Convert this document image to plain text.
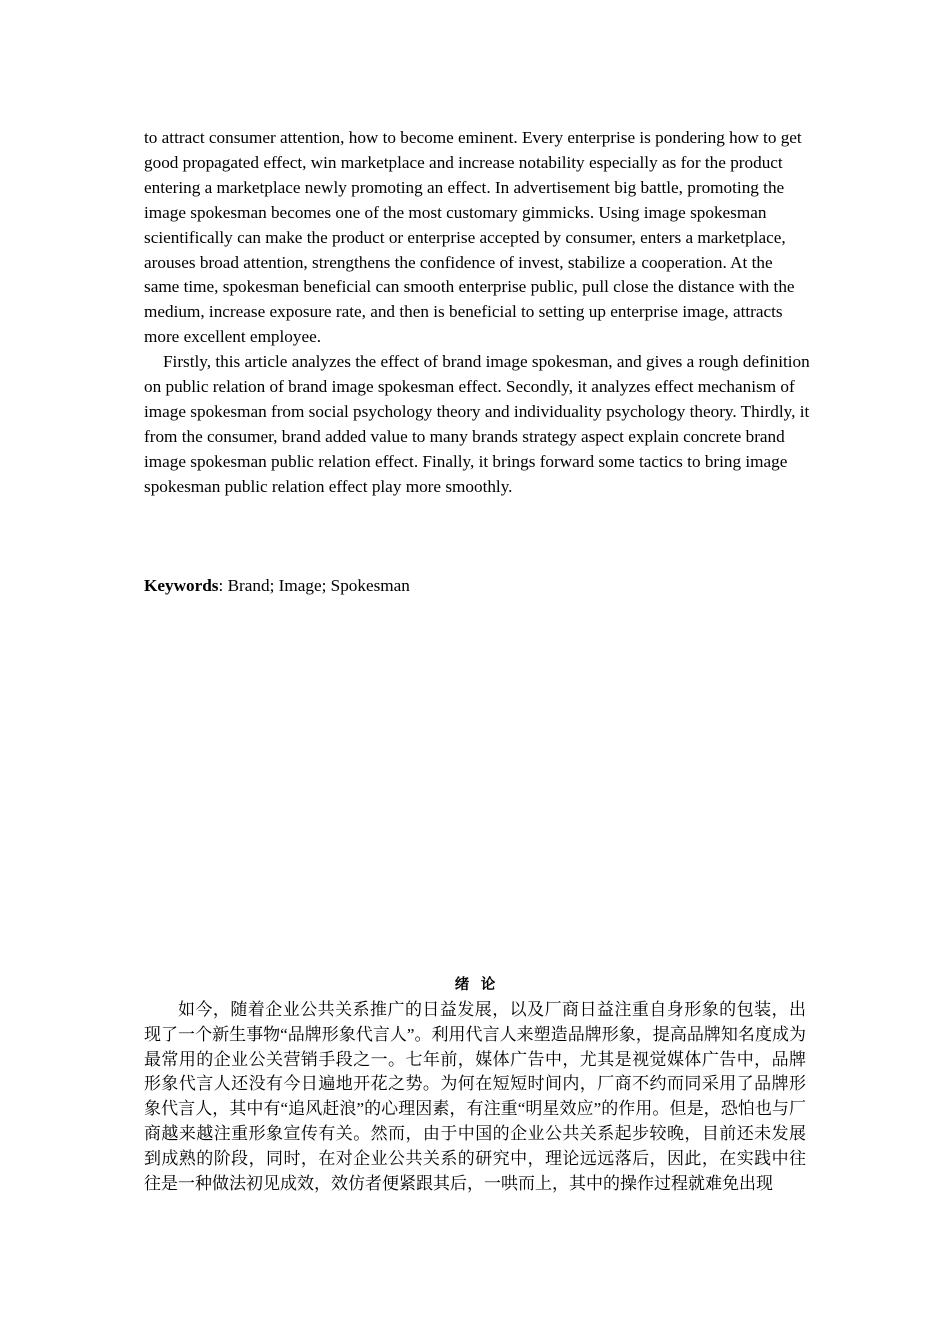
to attract consumer attention, how to become eminent. Every enterprise is pondering how to get good propagated effect, win marketplace and increase notability especially as for the product entering a marketplace newly promoting an effect. In advertisement big battle, promoting the image spokesman becomes one of the most customary gimmicks. Using image spokesman scientifically can make the product or enterprise accepted by consumer, enters a marketplace, arouses broad attention, strengthens the confidence of invest, stabilize a cooperation. At the same time, spokesman beneficial can smooth enterprise public, pull close the distance with the medium, increase exposure rate, and then is beneficial to setting up enterprise image, attracts more excellent employee.

Firstly, this article analyzes the effect of brand image spokesman, and gives a rough definition on public relation of brand image spokesman effect. Secondly, it analyzes effect mechanism of image spokesman from social psychology theory and individuality psychology theory. Thirdly, it from the consumer, brand added value to many brands strategy aspect explain concrete brand image spokesman public relation effect. Finally, it brings forward some tactics to bring image spokesman public relation effect play more smoothly.

Keywords: Brand; Image; Spokesman

绪 论

如今，随着企业公共关系推广的日益发展，以及厂商日益注重自身形象的包装，出现了一个新生事物“品牌形象代言人”。利用代言人来塑造品牌形象，提高品牌知名度成为最常用的企业公关营销手段之一。七年前，媒体广告中，尤其是视觉媒体广告中，品牌形象代言人还没有今日遍地开花之势。为何在短短时间内，厂商不约而同采用了品牌形象代言人，其中有“追风赶浪”的心理因素，有注重“明星效应”的作用。但是，恐怕也与厂商越来越注重形象宣传有关。然而，由于中国的企业公共关系起步较晚，目前还未发展到成熟的阶段，同时，在对企业公共关系的研究中，理论远远落后，因此，在实践中往往是一种做法初见成效，效仿者便紧跟其后，一哄而上，其中的操作过程就难免出现
